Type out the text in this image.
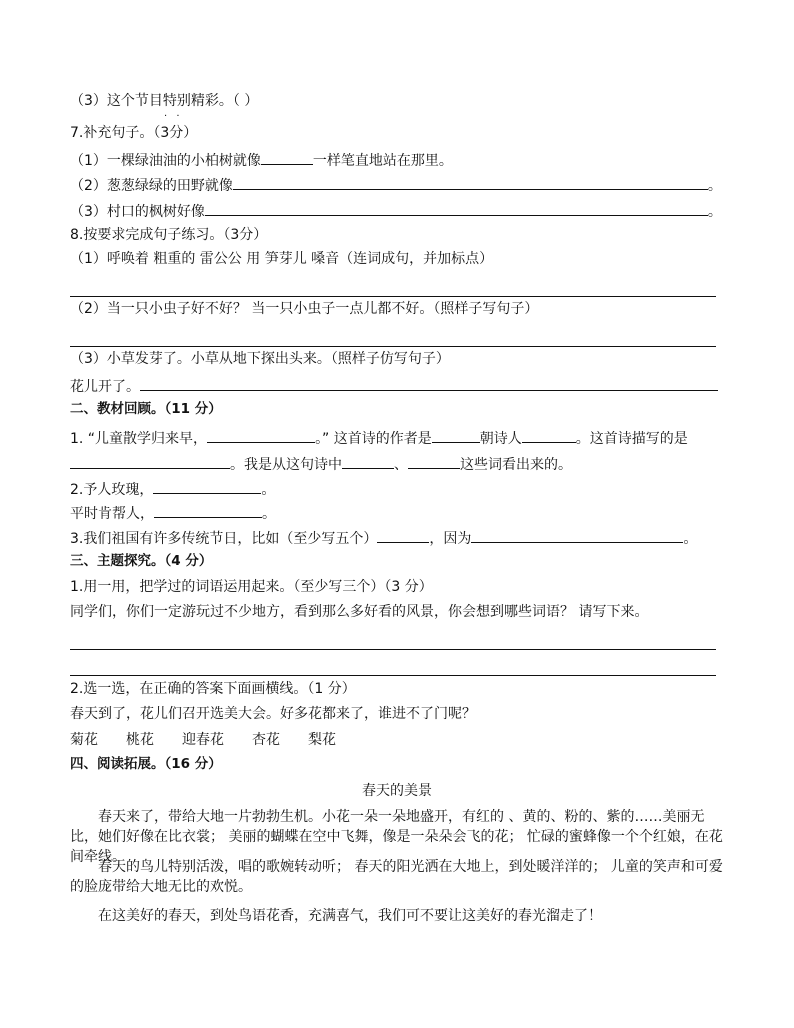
（3）这个节目特别精彩。（ ）
· ·
7.补充句子。（3分）
（1）一棵绿油油的小柏树就像	一样笔直地站在那里。
（2）葱葱绿绿的田野就像	。
（3）村口的枫树好像	。
8.按要求完成句子练习。（3分）
（1）呼唤着 粗重的 雷公公 用 笋芽儿 嗓音（连词成句，并加标点）
（2）当一只小虫子好不好？ 当一只小虫子一点儿都不好。（照样子写句子）
（3）小草发芽了。小草从地下探出头来。（照样子仿写句子）
花儿开了。
二、教材回顾。（11 分）
1. “儿童散学归来早，	。” 这首诗的作者是	朝诗人	。这首诗描写的是
。我是从这句诗中	、	这些词看出来的。
2.予人玫瑰，	。
平时肯帮人，	。
3.我们祖国有许多传统节日，比如（至少写五个）	，因为	。
三、主题探究。（4 分）
1.用一用，把学过的词语运用起来。（至少写三个）（3 分）
同学们，你们一定游玩过不少地方，看到那么多好看的风景，你会想到哪些词语？ 请写下来。
2.选一选，在正确的答案下面画横线。（1 分）
春天到了，花儿们召开选美大会。好多花都来了，谁进不了门呢？
菊花 桃花 迎春花 杏花 梨花
四、阅读拓展。（16 分）
春天的美景
春天来了，带给大地一片勃勃生机。小花一朵一朵地盛开，有红的 、黄的、粉的、紫的……美丽无比，她们好像在比衣裳； 美丽的蝴蝶在空中飞舞，像是一朵朵会飞的花； 忙碌的蜜蜂像一个个红娘，在花间牵线。
春天的鸟儿特别活泼，唱的歌婉转动听； 春天的阳光洒在大地上，到处暖洋洋的； 儿童的笑声和可爱的脸庞带给大地无比的欢悦。
在这美好的春天，到处鸟语花香，充满喜气，我们可不要让这美好的春光溜走了！
